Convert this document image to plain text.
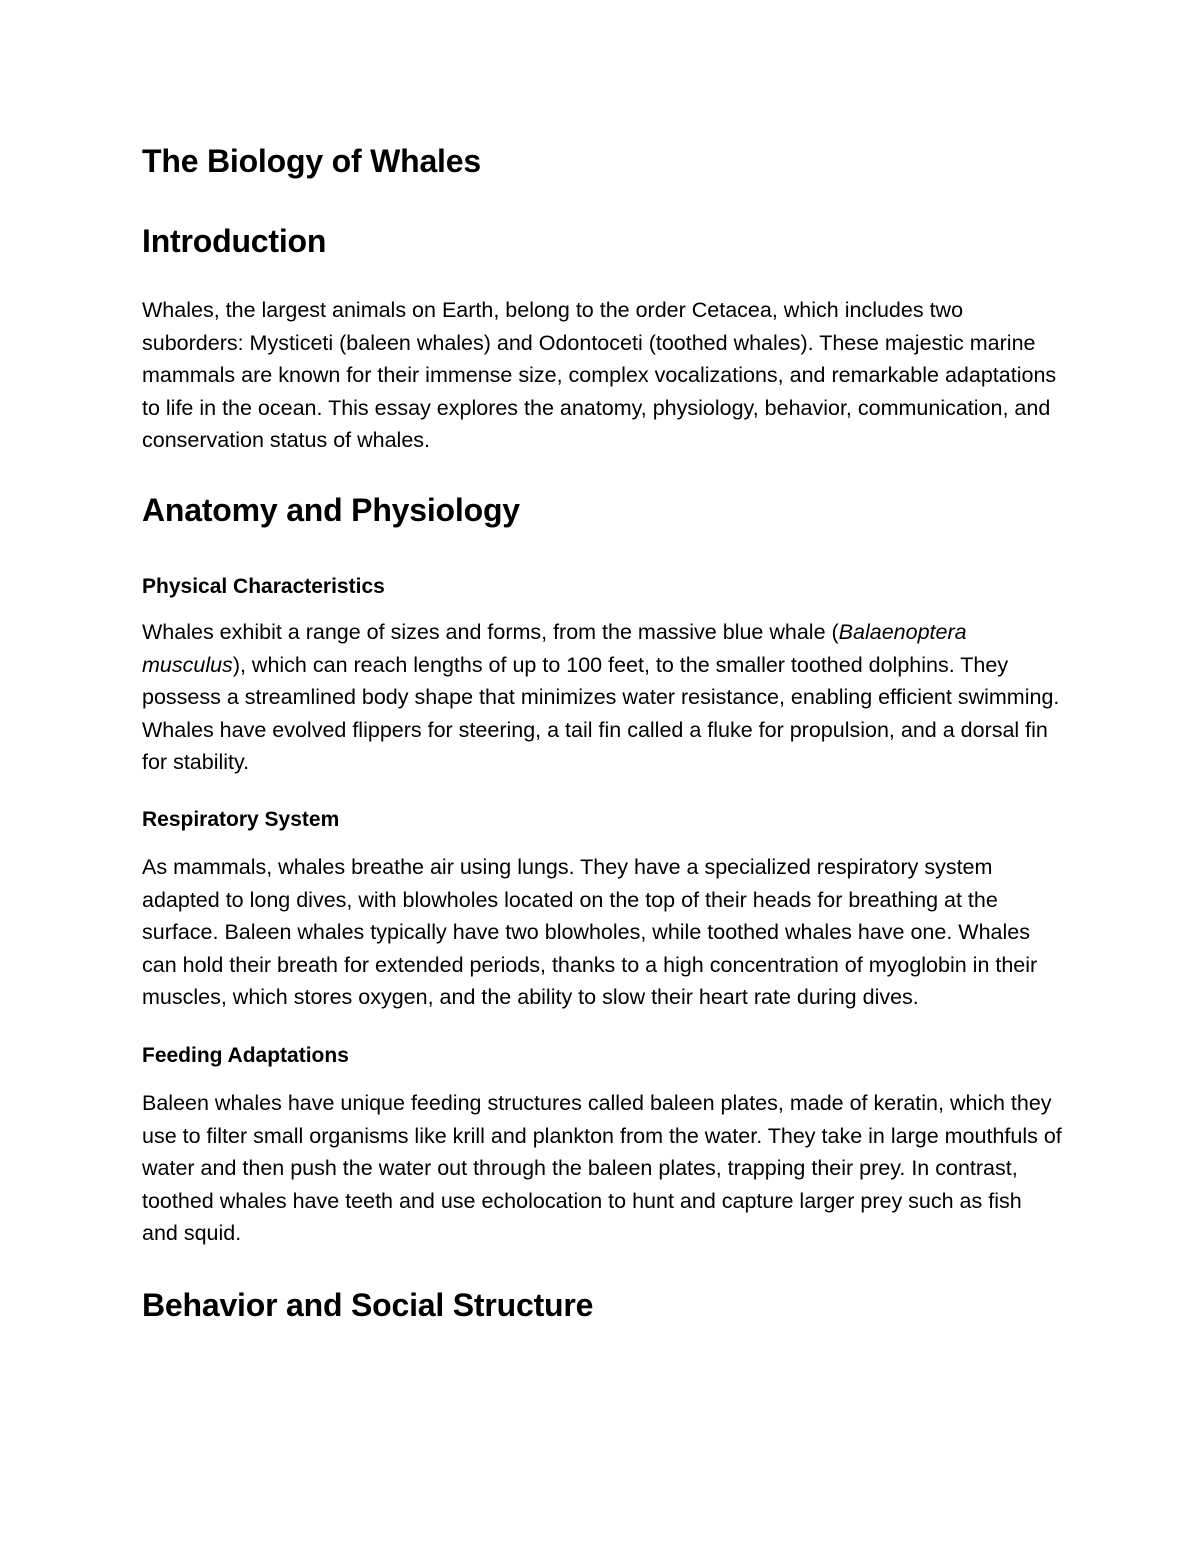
The Biology of Whales
Introduction

Whales, the largest animals on Earth, belong to the order Cetacea, which includes two suborders: Mysticeti (baleen whales) and Odontoceti (toothed whales). These majestic marine mammals are known for their immense size, complex vocalizations, and remarkable adaptations to life in the ocean. This essay explores the anatomy, physiology, behavior, communication, and conservation status of whales.

Anatomy and Physiology
Physical Characteristics

Whales exhibit a range of sizes and forms, from the massive blue whale (Balaenoptera musculus), which can reach lengths of up to 100 feet, to the smaller toothed dolphins. They possess a streamlined body shape that minimizes water resistance, enabling efficient swimming. Whales have evolved flippers for steering, a tail fin called a fluke for propulsion, and a dorsal fin for stability.

Respiratory System

As mammals, whales breathe air using lungs. They have a specialized respiratory system adapted to long dives, with blowholes located on the top of their heads for breathing at the surface. Baleen whales typically have two blowholes, while toothed whales have one. Whales can hold their breath for extended periods, thanks to a high concentration of myoglobin in their muscles, which stores oxygen, and the ability to slow their heart rate during dives.

Feeding Adaptations

Baleen whales have unique feeding structures called baleen plates, made of keratin, which they use to filter small organisms like krill and plankton from the water. They take in large mouthfuls of water and then push the water out through the baleen plates, trapping their prey. In contrast, toothed whales have teeth and use echolocation to hunt and capture larger prey such as fish and squid.

Behavior and Social Structure
